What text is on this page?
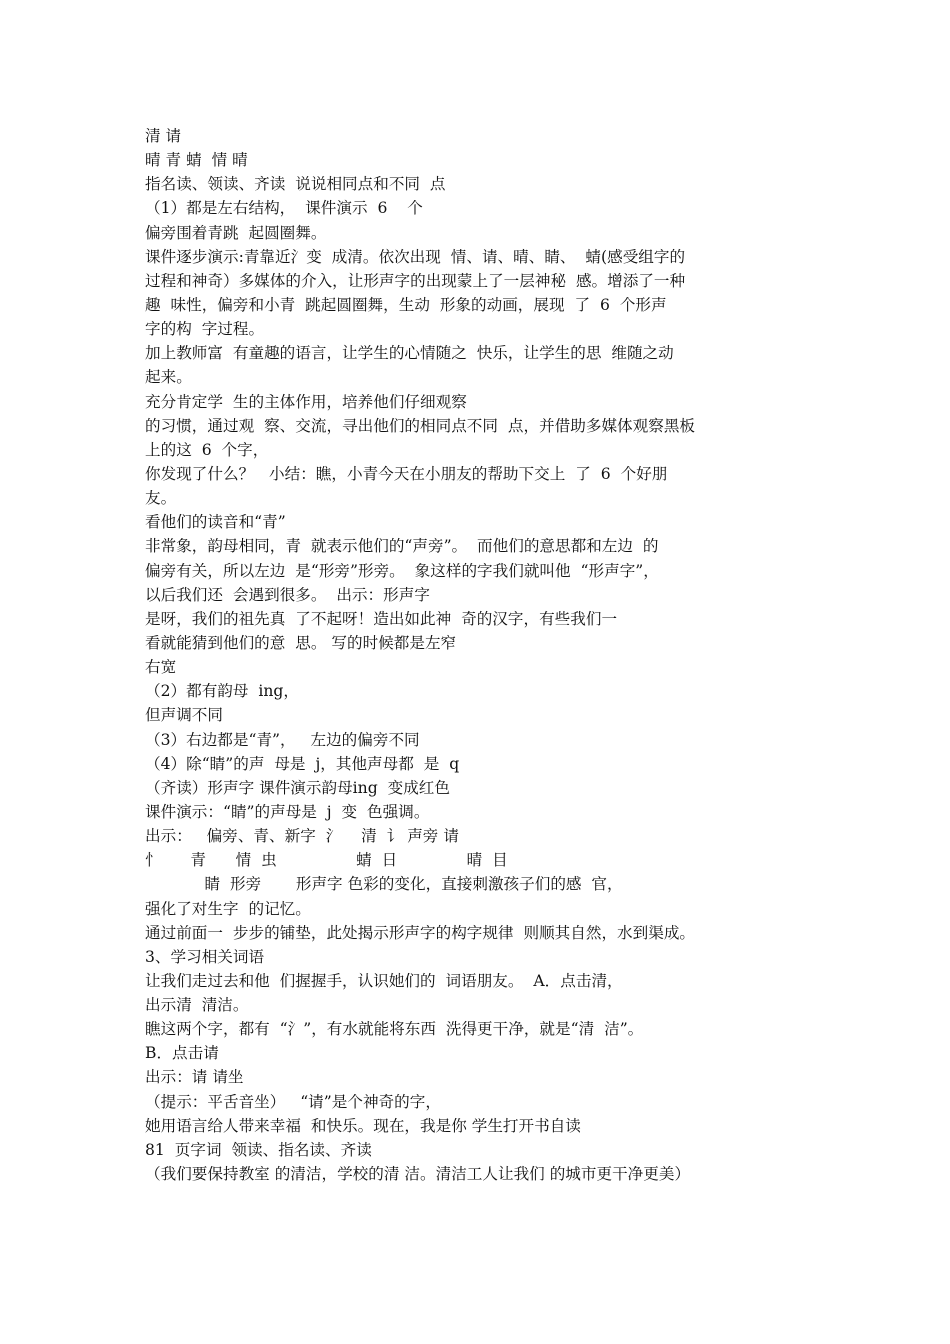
清 请
晴 青 蜻  情 晴
指名读、领读、齐读  说说相同点和不同  点
（1）都是左右结构，  课件演示  6    个
偏旁围着青跳  起圆圈舞。
课件逐步演示:青靠近氵变  成清。依次出现  情、请、晴、睛、  蜻(感受组字的
过程和神奇）多媒体的介入，让形声字的出现蒙上了一层神秘  感。增添了一种
趣  味性，偏旁和小青  跳起圆圈舞，生动  形象的动画，展现  了  6  个形声
字的构  字过程。
加上教师富  有童趣的语言，让学生的心情随之  快乐，让学生的思  维随之动
起来。
充分肯定学  生的主体作用，培养他们仔细观察
的习惯，通过观  察、交流，寻出他们的相同点不同  点，并借助多媒体观察黑板
上的这  6  个字，
你发现了什么？   小结：瞧，小青今天在小朋友的帮助下交上  了  6  个好朋
友。
看他们的读音和“青”
非常象，韵母相同，青  就表示他们的“声旁”。  而他们的意思都和左边  的
偏旁有关，所以左边  是“形旁”形旁。  象这样的字我们就叫他  “形声字”，
以后我们还  会遇到很多。  出示：形声字
是呀，我们的祖先真  了不起呀！造出如此神  奇的汉字，有些我们一
看就能猜到他们的意  思。 写的时候都是左窄
右宽
（2）都有韵母  ing，
但声调不同
（3）右边都是“青”，   左边的偏旁不同
（4）除“睛”的声  母是  j，其他声母都  是  q
（齐读）形声字 课件演示韵母ing  变成红色
课件演示：“睛”的声母是  j  变  色强调。
出示：   偏旁、青、新字  氵    清  讠 声旁 请
忄      青      情  虫                蜻  日              晴  目
睛  形旁       形声字 色彩的变化，直接刺激孩子们的感  官，
强化了对生字  的记忆。
通过前面一  步步的铺垫，此处揭示形声字的构字规律  则顺其自然，水到渠成。
3、学习相关词语
让我们走过去和他  们握握手，认识她们的  词语朋友。  A．点击清，
出示清  清洁。
瞧这两个字，都有  “氵”，有水就能将东西  洗得更干净，就是“清  洁”。
B．点击请
出示：请 请坐
（提示：平舌音坐）   “请”是个神奇的字，
她用语言给人带来幸福  和快乐。现在，我是你 学生打开书自读
81  页字词  领读、指名读、齐读
（我们要保持教室 的清洁，学校的清 洁。清洁工人让我们 的城市更干净更美）
